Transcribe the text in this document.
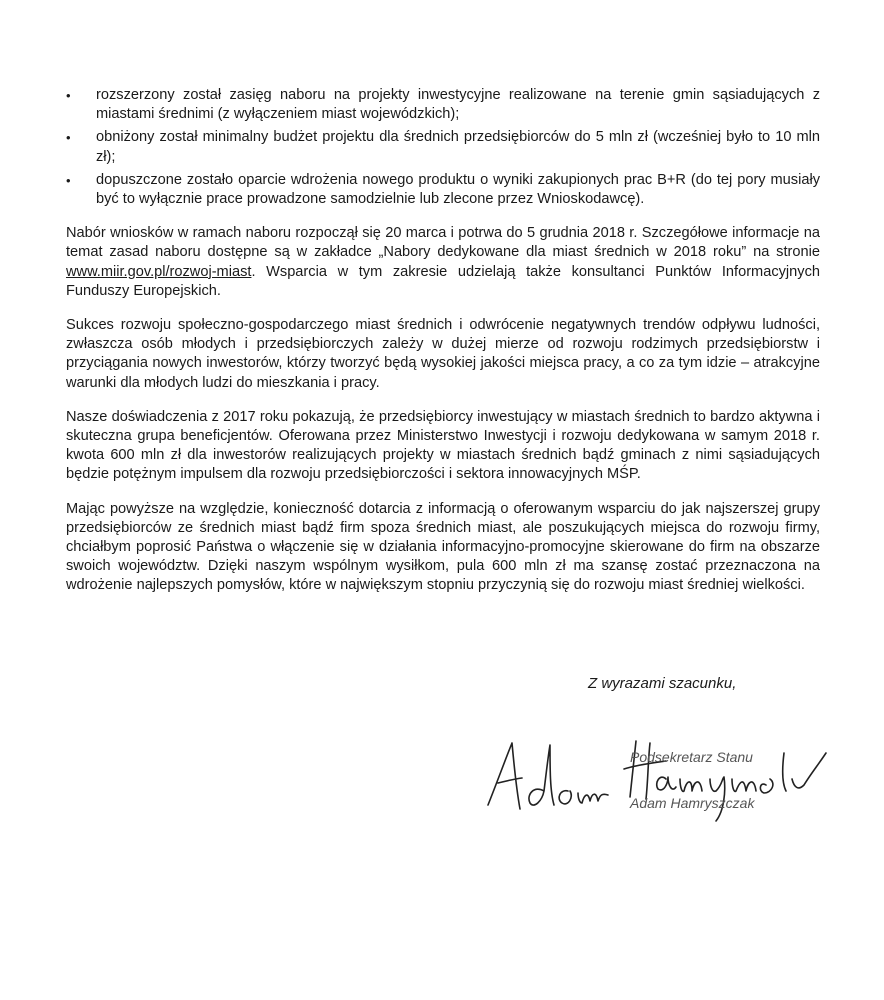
•	rozszerzony został zasięg naboru na projekty inwestycyjne realizowane na terenie gmin sąsiadujących z miastami średnimi (z wyłączeniem miast wojewódzkich);
•	obniżony został minimalny budżet projektu dla średnich przedsiębiorców do 5 mln zł (wcześniej było to 10 mln zł);
•	dopuszczone zostało oparcie wdrożenia nowego produktu o wyniki zakupionych prac B+R (do tej pory musiały być to wyłącznie prace prowadzone samodzielnie lub zlecone przez Wnioskodawcę).

Nabór wniosków w ramach naboru rozpoczął się 20 marca i potrwa do 5 grudnia 2018 r. Szczegółowe informacje na temat zasad naboru dostępne są w zakładce „Nabory dedykowane dla miast średnich w 2018 roku” na stronie www.miir.gov.pl/rozwoj-miast. Wsparcia w tym zakresie udzielają także konsultanci Punktów Informacyjnych Funduszy Europejskich.

Sukces rozwoju społeczno-gospodarczego miast średnich i odwrócenie negatywnych trendów odpływu ludności, zwłaszcza osób młodych i przedsiębiorczych zależy w dużej mierze od rozwoju rodzimych przedsiębiorstw i przyciągania nowych inwestorów, którzy tworzyć będą wysokiej jakości miejsca pracy, a co za tym idzie – atrakcyjne warunki dla młodych ludzi do mieszkania i pracy.

Nasze doświadczenia z 2017 roku pokazują, że przedsiębiorcy inwestujący w miastach średnich to bardzo aktywna i skuteczna grupa beneficjentów. Oferowana przez Ministerstwo Inwestycji i rozwoju dedykowana w samym 2018 r. kwota 600 mln zł dla inwestorów realizujących projekty w miastach średnich bądź gminach z nimi sąsiadujących będzie potężnym impulsem dla rozwoju przedsiębiorczości i sektora innowacyjnych MŚP.

Mając powyższe na względzie, konieczność dotarcia z informacją o oferowanym wsparciu do jak najszerszej grupy przedsiębiorców ze średnich miast bądź firm spoza średnich miast, ale poszukujących miejsca do rozwoju firmy, chciałbym poprosić Państwa o włączenie się w działania informacyjno-promocyjne skierowane do firm na obszarze swoich województw. Dzięki naszym wspólnym wysiłkom, pula 600 mln zł ma szansę zostać przeznaczona na wdrożenie najlepszych pomysłów, które w największym stopniu przyczynią się do rozwoju miast średniej wielkości.

Z wyrazami szacunku,
Podsekretarz Stanu
Adam Hamryszczak
